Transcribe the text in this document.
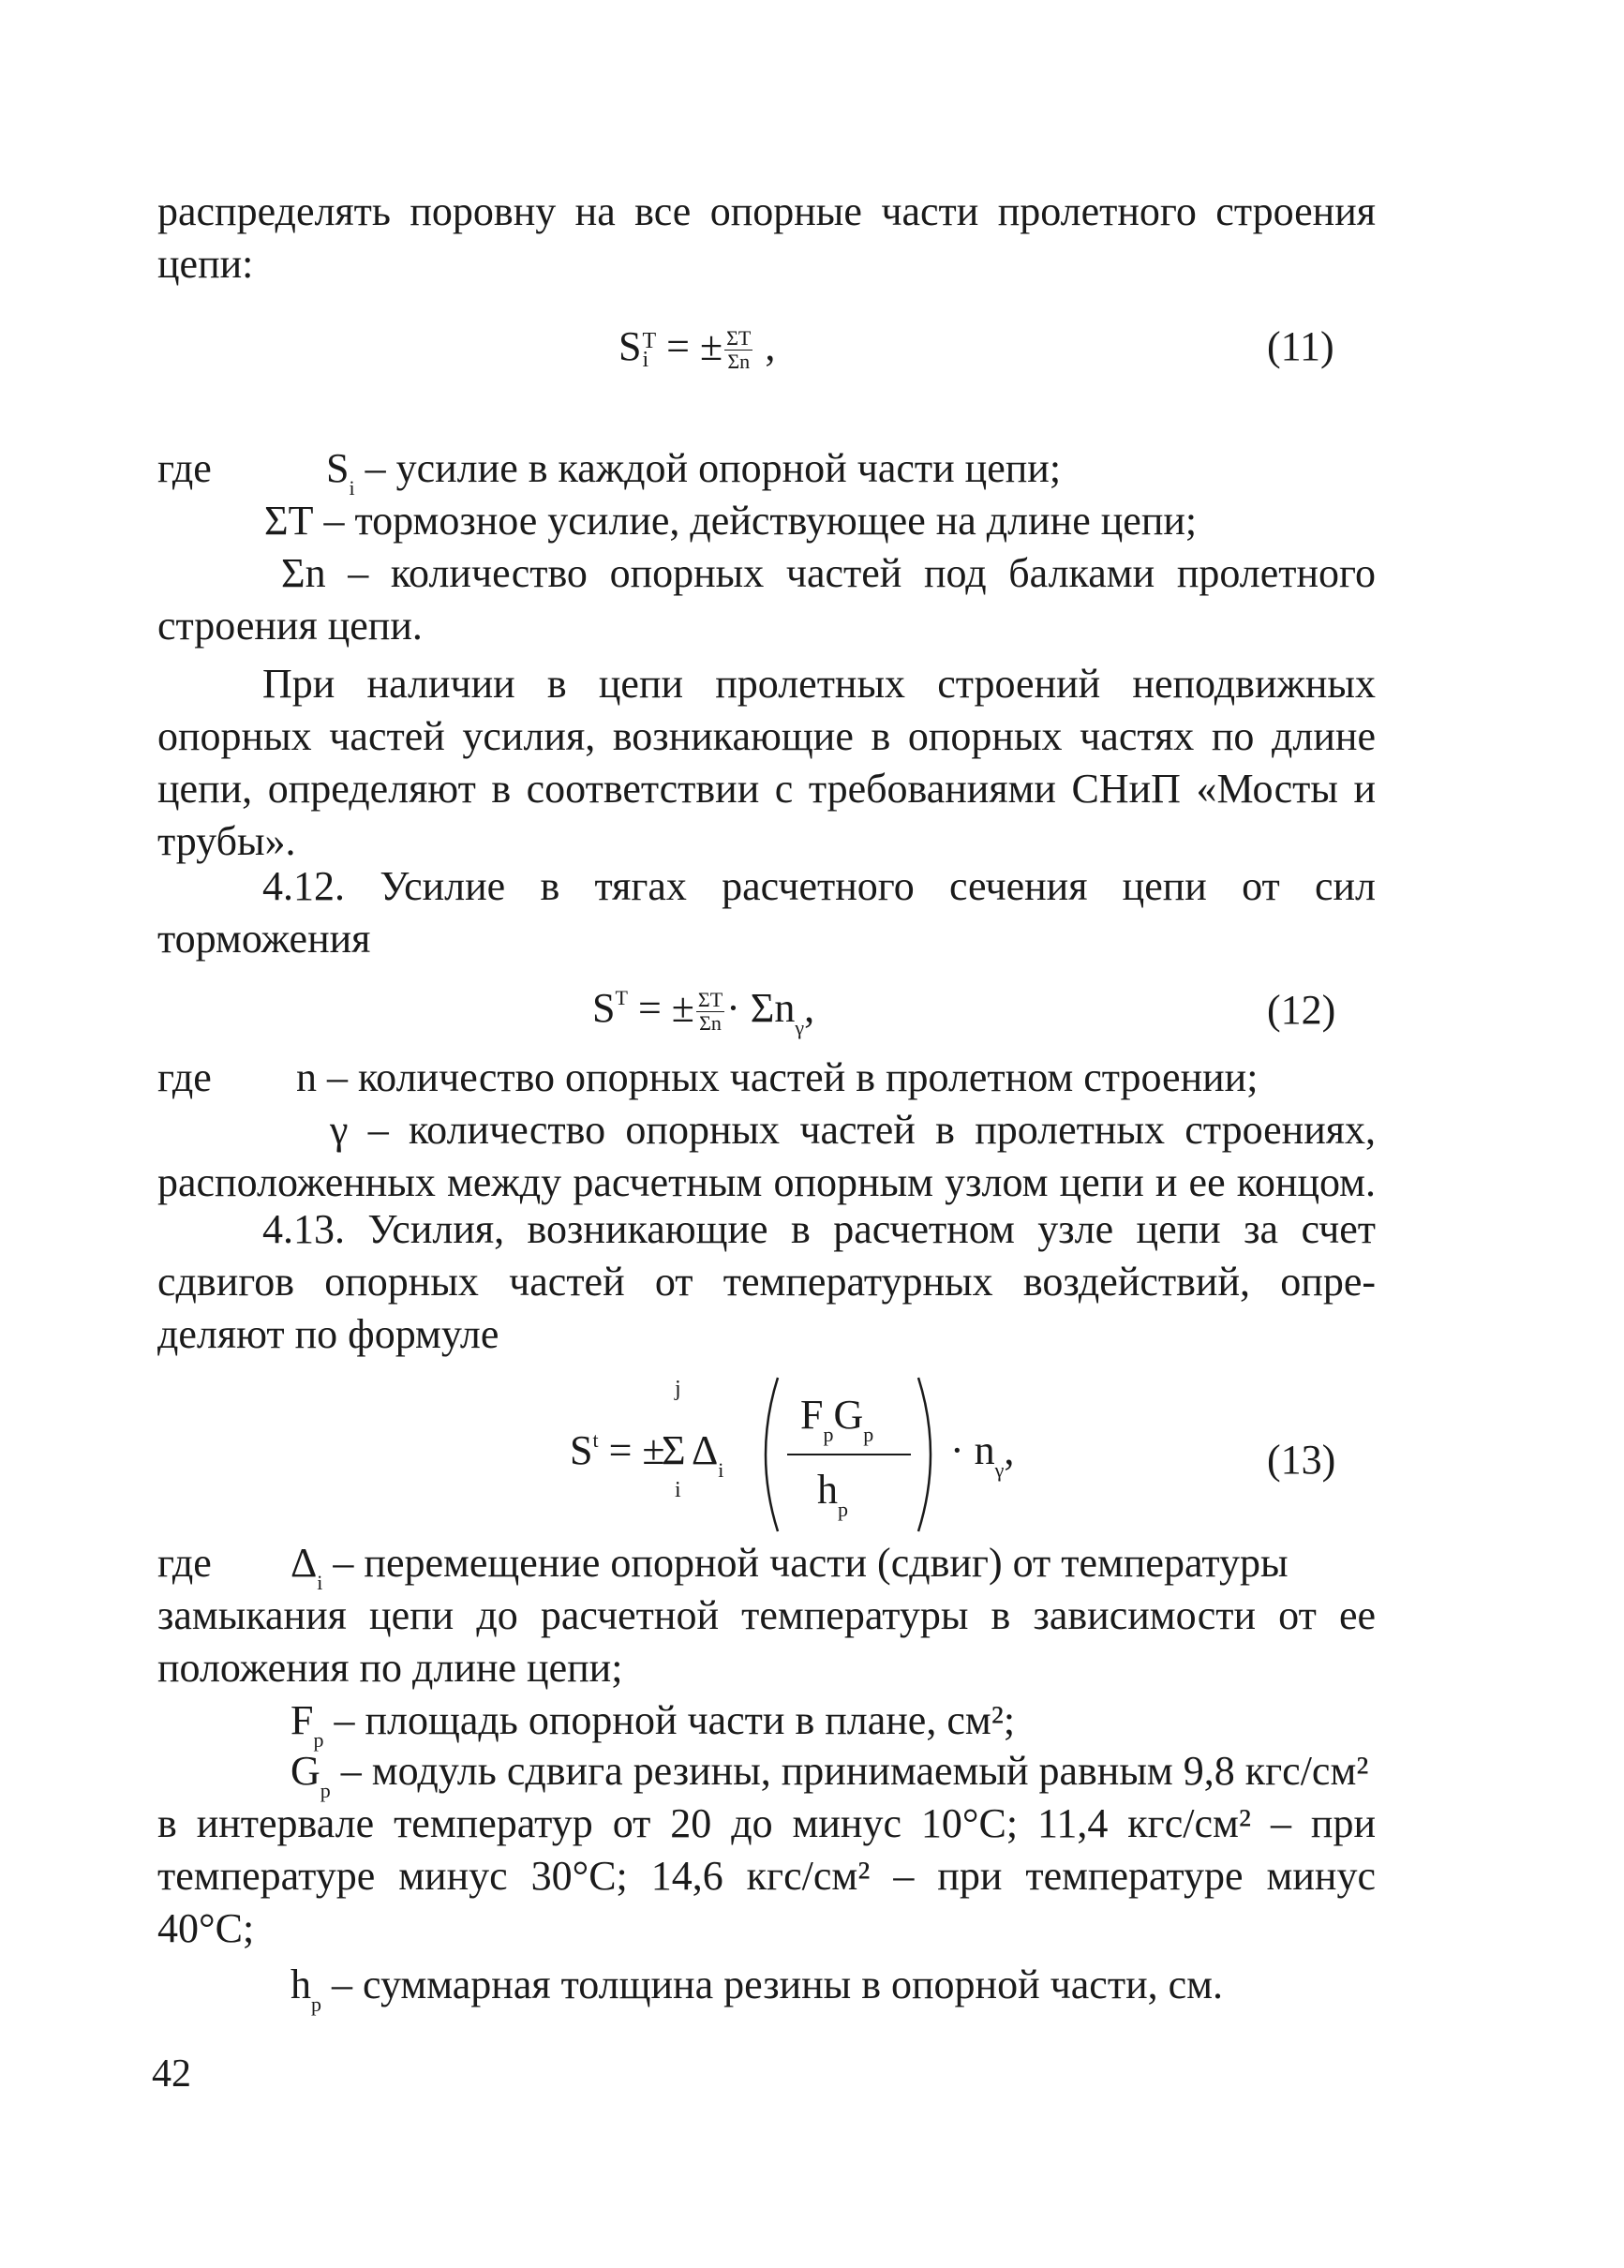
распределять поровну на все опорные части пролетного строения
цепи:
S T
i = ± $\frac{\Sigma T}{\Sigma n}$ ,	(11)
где	$S_i$ – усилие в каждой опорной части цепи;
ΣТ – тормозное усилие, действующее на длине цепи;
Σn – количество опорных частей под балками пролетного
строения цепи.
При наличии в цепи пролетных строений неподвижных
опорных частей усилия, возникающие в опорных частях по длине
цепи, определяют в соответствии с требованиями СНиП «Мосты и
трубы».
4.12. Усилие в тягах расчетного сечения цепи от сил
торможения
$S^T$ = ± $\frac{\Sigma T}{\Sigma n} \cdot \Sigma n_\gamma$,	(12)
где n – количество опорных частей в пролетном строении;
γ – количество опорных частей в пролетных строениях,
расположенных между расчетным опорным узлом цепи и ее концом.
4.13. Усилия, возникающие в расчетном узле цепи за счет
сдвигов опорных частей от температурных воздействий, опре-
деляют по формуле
$S^t$ = ±
j
Σ
i
$\Delta_i$
$F_pG_p$
$h_p$
· $n_\gamma$,	(13)
где $\Delta_i$ – перемещение опорной части (сдвиг) от температуры
замыкания цепи до расчетной температуры в зависимости от ее
положения по длине цепи;
$F_р$ – площадь опорной части в плане, см²;
$G_р$ – модуль сдвига резины, принимаемый равным 9,8 кгс/см²
в интервале температур от 20 до минус 10°С; 11,4 кгс/см² – при
температуре минус 30°С; 14,6 кгс/см² – при температуре минус
40°С;
$h_р$ – суммарная толщина резины в опорной части, см.
42
